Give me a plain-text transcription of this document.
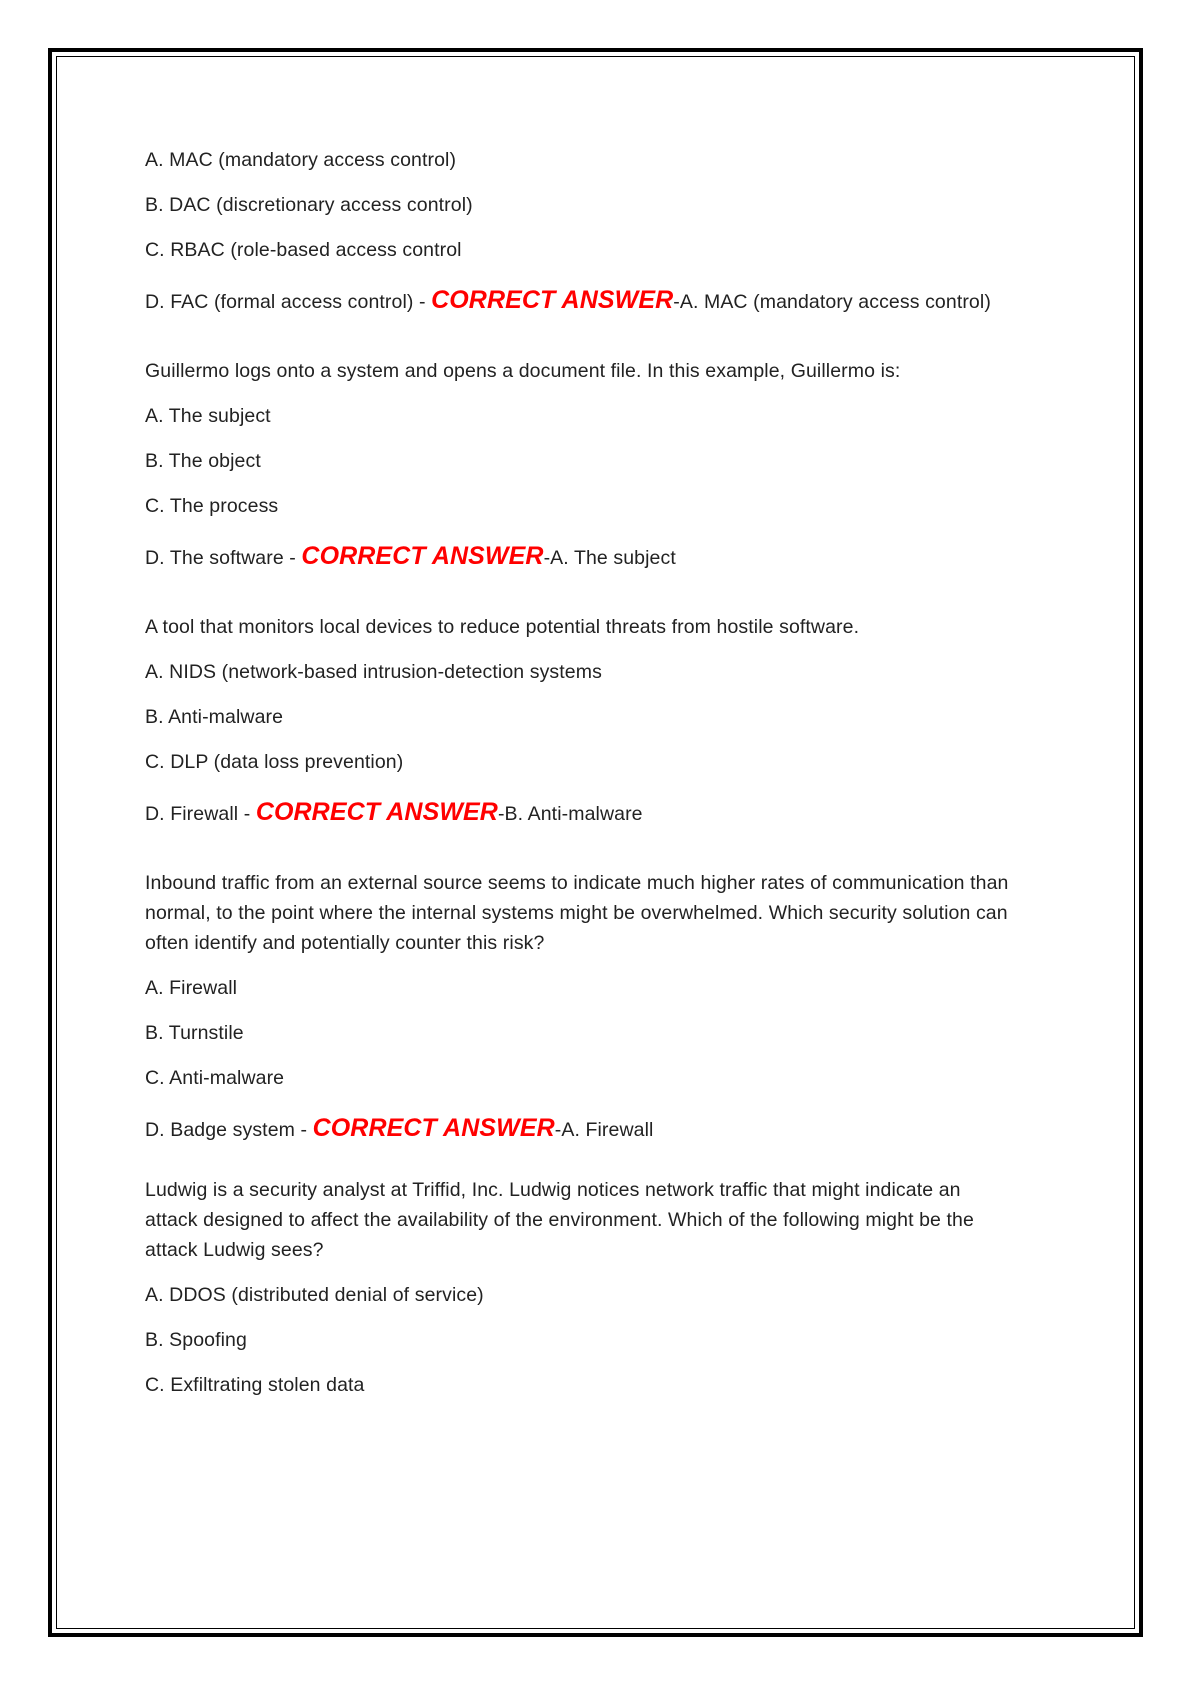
A. MAC (mandatory access control)

B. DAC (discretionary access control)

C. RBAC (role-based access control

D. FAC (formal access control) - CORRECT ANSWER-A. MAC (mandatory access control)

Guillermo logs onto a system and opens a document file. In this example, Guillermo is:

A. The subject

B. The object

C. The process

D. The software - CORRECT ANSWER-A. The subject

A tool that monitors local devices to reduce potential threats from hostile software.

A. NIDS (network-based intrusion-detection systems

B. Anti-malware

C. DLP (data loss prevention)

D. Firewall - CORRECT ANSWER-B. Anti-malware

Inbound traffic from an external source seems to indicate much higher rates of communication than
normal, to the point where the internal systems might be overwhelmed. Which security solution can
often identify and potentially counter this risk?

A. Firewall

B. Turnstile

C. Anti-malware

D. Badge system - CORRECT ANSWER-A. Firewall

Ludwig is a security analyst at Triffid, Inc. Ludwig notices network traffic that might indicate an
attack designed to affect the availability of the environment. Which of the following might be the
attack Ludwig sees?

A. DDOS (distributed denial of service)

B. Spoofing

C. Exfiltrating stolen data
